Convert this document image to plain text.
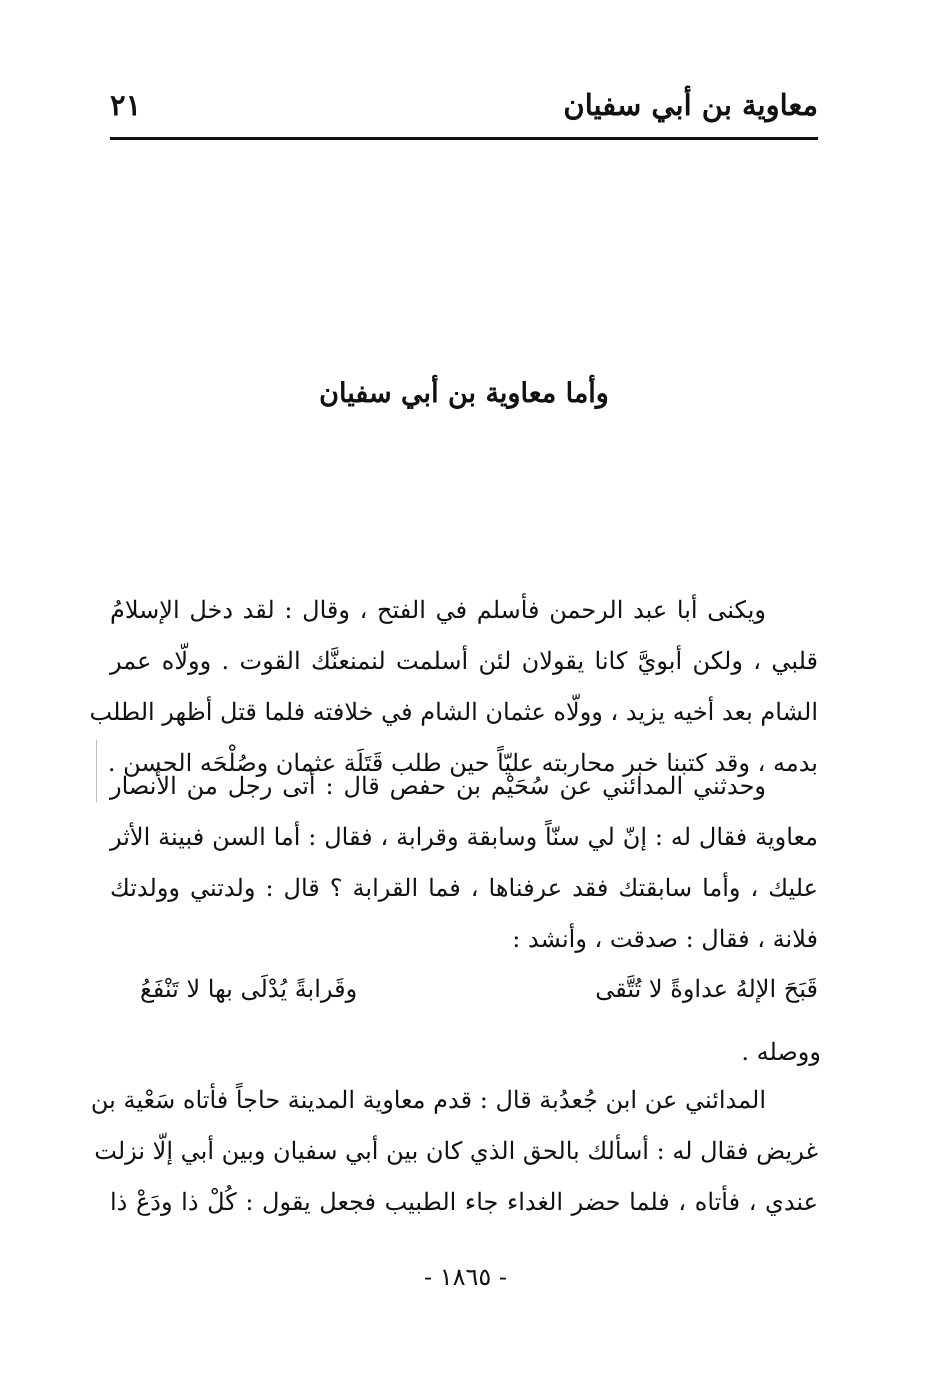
معاوية بن أبي سفيان
٢١
وأما معاوية بن أبي سفيان
ويكنى أبا عبد الرحمن فأسلم في الفتح ، وقال : لقد دخل الإسلامُ
قلبي ، ولكن أبويَّ كانا يقولان لئن أسلمت لنمنعنَّك القوت . وولّاه عمر
الشام بعد أخيه يزيد ، وولّاه عثمان الشام في خلافته فلما قتل أظهر الطلب
بدمه ، وقد كتبنا خبر محاربته عليّاً حين طلب قَتَلَة عثمان وصُلْحَه الحسن .
وحدثني المدائني عن سُحَيْم بن حفص قال : أتى رجل من الأنصار
معاوية فقال له : إنّ لي سنّاً وسابقة وقرابة ، فقال : أما السن فبينة الأثر
عليك ، وأما سابقتك فقد عرفناها ، فما القرابة ؟ قال : ولدتني وولدتك
فلانة ، فقال : صدقت ، وأنشد :
قَبَحَ الإلهُ عداوةً لا تُتَّقى
وقَرابةً يُدْلَى بها لا تَنْفَعُ
ووصله .
المدائني عن ابن جُعدُبة قال : قدم معاوية المدينة حاجاً فأتاه سَعْية بن
غريض فقال له : أسألك بالحق الذي كان بين أبي سفيان وبين أبي إلّا نزلت
عندي ، فأتاه ، فلما حضر الغداء جاء الطبيب فجعل يقول : كُلْ ذا ودَعْ ذا
- ١٨٦٥ -
